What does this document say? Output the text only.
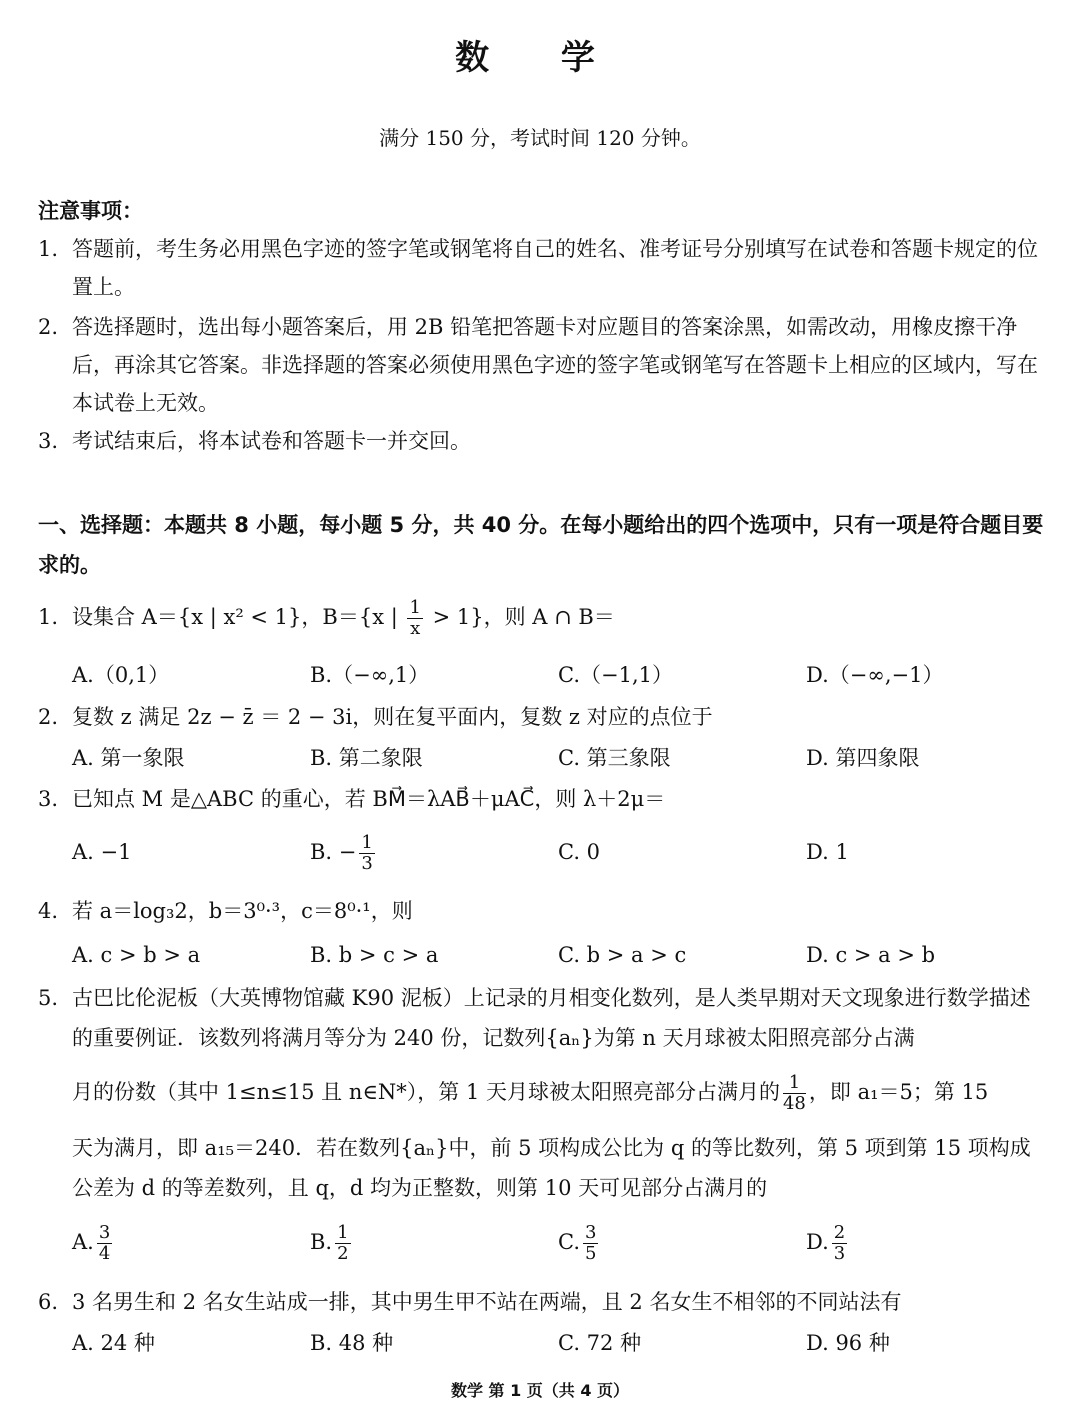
数 学
满分 150 分，考试时间 120 分钟。
注意事项：
1. 答题前，考生务必用黑色字迹的签字笔或钢笔将自己的姓名、准考证号分别填写在试卷和答题卡规定的位置上。
2. 答选择题时，选出每小题答案后，用 2B 铅笔把答题卡对应题目的答案涂黑，如需改动，用橡皮擦干净后，再涂其它答案。非选择题的答案必须使用黑色字迹的签字笔或钢笔写在答题卡上相应的区域内，写在本试卷上无效。
3. 考试结束后，将本试卷和答题卡一并交回。
一、选择题：本题共 8 小题，每小题 5 分，共 40 分。在每小题给出的四个选项中，只有一项是符合题目要求的。
1. 设集合 A＝{x | x² < 1}，B＝{x | $\frac{1}{x} > 1$}，则 A ∩ B＝
A.（0,1）	B.（−∞,1）	C.（−1,1）	D.（−∞,−1）
2. 复数 z 满足 2z − z̄ ＝ 2 − 3i，则在复平面内，复数 z 对应的点位于
A. 第一象限	B. 第二象限	C. 第三象限	D. 第四象限
3. 已知点 M 是△ABC 的重心，若 BM⃗＝λAB⃗＋μAC⃗，则 λ＋2μ＝
A. −1	B. − $\frac{1}{3}$	C. 0	D. 1
4. 若 a＝log₃2，b＝3⁰·³，c＝8⁰·¹，则
A. c > b > a	B. b > c > a	C. b > a > c	D. c > a > b
5. 古巴比伦泥板（大英博物馆藏 K90 泥板）上记录的月相变化数列，是人类早期对天文现象进行数学描述的重要例证．该数列将满月等分为 240 份，记数列{aₙ}为第 n 天月球被太阳照亮部分占满
月的份数（其中 1≤n≤15 且 n∈N*），第 1 天月球被太阳照亮部分占满月的 $\frac{1}{48}$ ，即 a₁＝5；第 15
天为满月，即 a₁₅＝240．若在数列{aₙ}中，前 5 项构成公比为 q 的等比数列，第 5 项到第 15 项构成公差为 d 的等差数列，且 q，d 均为正整数，则第 10 天可见部分占满月的
A. $\frac{3}{4}$	B. $\frac{1}{2}$	C. $\frac{3}{5}$	D. $\frac{2}{3}$
6. 3 名男生和 2 名女生站成一排，其中男生甲不站在两端，且 2 名女生不相邻的不同站法有
A. 24 种	B. 48 种	C. 72 种	D. 96 种
数学 第 1 页（共 4 页）
